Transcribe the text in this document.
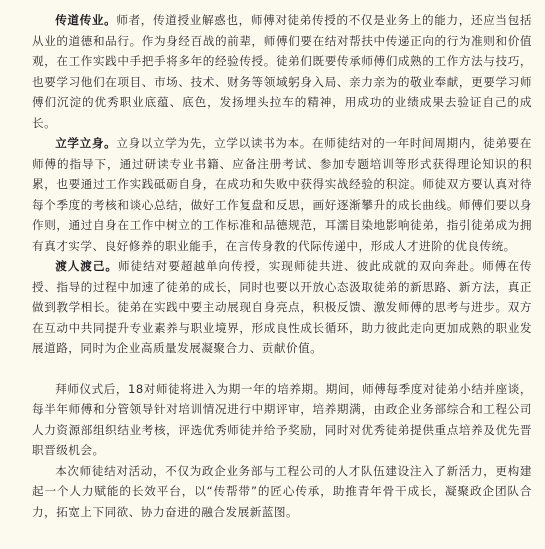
传道传业。师者，传道授业解惑也，师傅对徒弟传授的不仅是业务上的能力，还应当包括从业的道德和品行。作为身经百战的前辈，师傅们要在结对帮扶中传递正向的行为准则和价值观，在工作实践中手把手将多年的经验传授。徒弟们既要传承师傅们成熟的工作方法与技巧，也要学习他们在项目、市场、技术、财务等领域躬身入局、亲力亲为的敬业奉献，更要学习师傅们沉淀的优秀职业底蕴、底色，发扬埋头拉车的精神，用成功的业绩成果去验证自己的成长。

立学立身。立身以立学为先，立学以读书为本。在师徒结对的一年时间周期内，徒弟要在师傅的指导下，通过研读专业书籍、应备注册考试、参加专题培训等形式获得理论知识的积累，也要通过工作实践砥砺自身，在成功和失败中获得实战经验的积淀。师徒双方要认真对待每个季度的考核和谈心总结，做好工作复盘和反思，画好逐渐攀升的成长曲线。师傅们要以身作则，通过自身在工作中树立的工作标准和品德规范，耳濡目染地影响徒弟，指引徒弟成为拥有真才实学、良好修养的职业能手，在言传身教的代际传递中，形成人才进阶的优良传统。

渡人渡己。师徒结对要超越单向传授，实现师徒共进、彼此成就的双向奔赴。师傅在传授、指导的过程中加速了徒弟的成长，同时也要以开放心态汲取徒弟的新思路、新方法，真正做到教学相长。徒弟在实践中要主动展现自身亮点，积极反馈、激发师傅的思考与进步。双方在互动中共同提升专业素养与职业境界，形成良性成长循环，助力彼此走向更加成熟的职业发展道路，同时为企业高质量发展凝聚合力、贡献价值。

拜师仪式后，18对师徒将进入为期一年的培养期。期间，师傅每季度对徒弟小结并座谈，每半年师傅和分管领导针对培训情况进行中期评审，培养期满，由政企业务部综合和工程公司人力资源部组织结业考核，评选优秀师徒并给予奖励，同时对优秀徒弟提供重点培养及优先晋职晋级机会。

本次师徒结对活动，不仅为政企业务部与工程公司的人才队伍建设注入了新活力，更构建起一个人力赋能的长效平台，以“传帮带”的匠心传承，助推青年骨干成长，凝聚政企团队合力，拓宽上下同欲、协力奋进的融合发展新蓝图。
